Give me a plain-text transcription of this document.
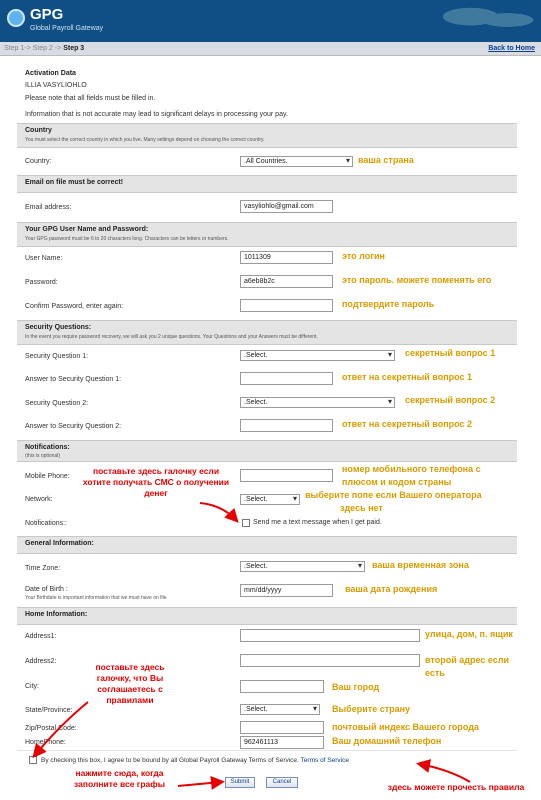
GPG
Global Payroll Gateway
Step 1-> Step 2 -> Step 3	Back to Home
Activation Data
ILLIA VASYLIOHLO
Please note that all fields must be filled in.
Information that is not accurate may lead to significant delays in processing your pay.
Country
You must select the correct country in which you live. Many settings depend on choosing the correct country.
Country:	.All Countries. ▾	ваша страна
Email on file must be correct!
Email address:	vasyliohlo@gmail.com
Your GPG User Name and Password:
Your GPG password must be 6 to 20 characters long. Characters can be letters or numbers.
User Name:	1011309	это логин
Password:	a6eb8b2c	это пароль. можете поменять его
Confirm Password, enter again:	подтвердите пароль
Security Questions:
In the event you require password recovery, we will ask you 2 unique questions. Your Questions and your Answers must be different.
Security Question 1:	.Select. ▾	секретный вопрос 1
Answer to Security Question 1:	ответ на секретный вопрос 1
Security Question 2:	.Select. ▾	секретный вопрос 2
Answer to Security Question 2:	ответ на секретный вопрос 2
Notifications:
(this is optional)
Mobile Phone:
номер мобильного телефона с
плюсом и кодом страны
Network:	.Select. ▾	выберите попе если Вашего оператора
здесь нет
Notifications::	Send me a text message when I get paid.
поставьте здесь галочку если хотите получать СМС о получении денег
General Information:
Time Zone:	.Select. ▾	ваша временная зона
Date of Birth :
Your Birthdate is important information that we must have on file
mm/dd/yyyy	ваша дата рождения
Home Information:
Address1:	улица, дом, п. ящик
Address2:	второй адрес если
есть
City:	Ваш город
State/Province:	.Select. ▾	Выберите страну
Zip/Postal Code:	почтовый индекс Вашего города
HomePhone:	962461113	Ваш домашний телефон
поставьте здесь галочку, что Вы соглашаетесь с правилами
By checking this box, I agree to be bound by all Global Payroll Gateway Terms of Service. Terms of Service
нажмите сюда, когда заполните все графы	Submit	Cancel	здесь можете прочесть правила
